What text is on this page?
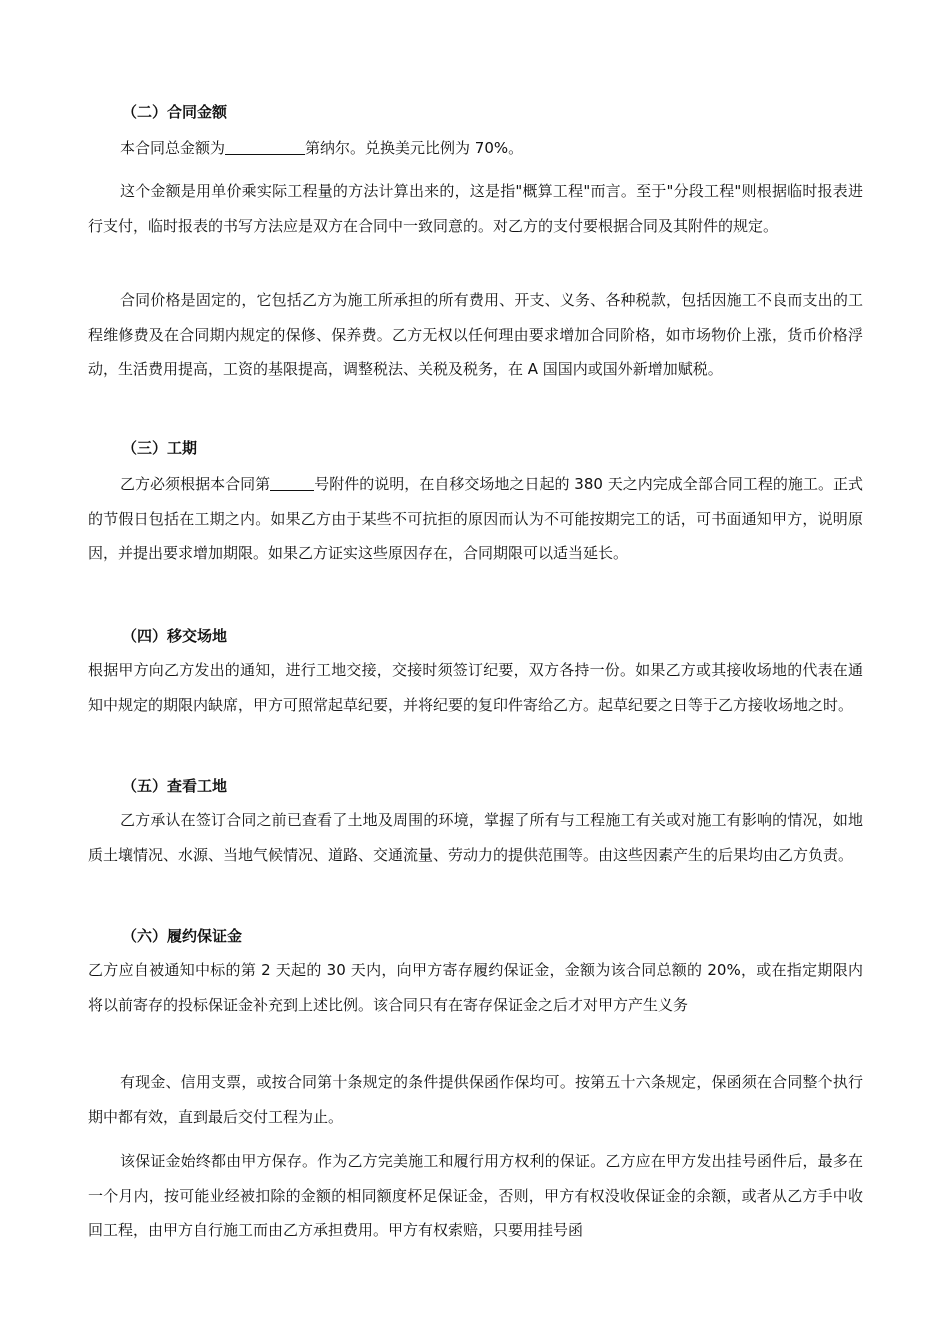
（二）合同金额
本合同总金额为	第纳尔。兑换美元比例为 70%。
这个金额是用单价乘实际工程量的方法计算出来的，这是指"概算工程"而言。至于"分段工程"则根据临时报表进行支付，临时报表的书写方法应是双方在合同中一致同意的。对乙方的支付要根据合同及其附件的规定。
合同价格是固定的，它包括乙方为施工所承担的所有费用、开支、义务、各种税款，包括因施工不良而支出的工程维修费及在合同期内规定的保修、保养费。乙方无权以任何理由要求增加合同阶格，如市场物价上涨，货币价格浮动，生活费用提高，工资的基限提高，调整税法、关税及税务，在 A 国国内或国外新增加赋税。
（三）工期
乙方必须根据本合同第	号附件的说明，在自移交场地之日起的 380 天之内完成全部合同工程的施工。正式的节假日包括在工期之内。如果乙方由于某些不可抗拒的原因而认为不可能按期完工的话，可书面通知甲方，说明原因，并提出要求增加期限。如果乙方证实这些原因存在，合同期限可以适当延长。
（四）移交场地
根据甲方向乙方发出的通知，进行工地交接，交接时须签订纪要，双方各持一份。如果乙方或其接收场地的代表在通知中规定的期限内缺席，甲方可照常起草纪要，并将纪要的复印件寄给乙方。起草纪要之日等于乙方接收场地之时。
（五）查看工地
乙方承认在签订合同之前已查看了土地及周围的环境，掌握了所有与工程施工有关或对施工有影响的情况，如地质土壤情况、水源、当地气候情况、道路、交通流量、劳动力的提供范围等。由这些因素产生的后果均由乙方负责。
（六）履约保证金
乙方应自被通知中标的第 2 天起的 30 天内，向甲方寄存履约保证金，金额为该合同总额的 20%，或在指定期限内将以前寄存的投标保证金补充到上述比例。该合同只有在寄存保证金之后才对甲方产生义务
有现金、信用支票，或按合同第十条规定的条件提供保函作保均可。按第五十六条规定，保函须在合同整个执行期中都有效，直到最后交付工程为止。
该保证金始终都由甲方保存。作为乙方完美施工和履行用方权利的保证。乙方应在甲方发出挂号函件后，最多在一个月内，按可能业经被扣除的金额的相同额度杯足保证金，否则，甲方有权没收保证金的余额，或者从乙方手中收回工程，由甲方自行施工而由乙方承担费用。甲方有权索赔，只要用挂号函
